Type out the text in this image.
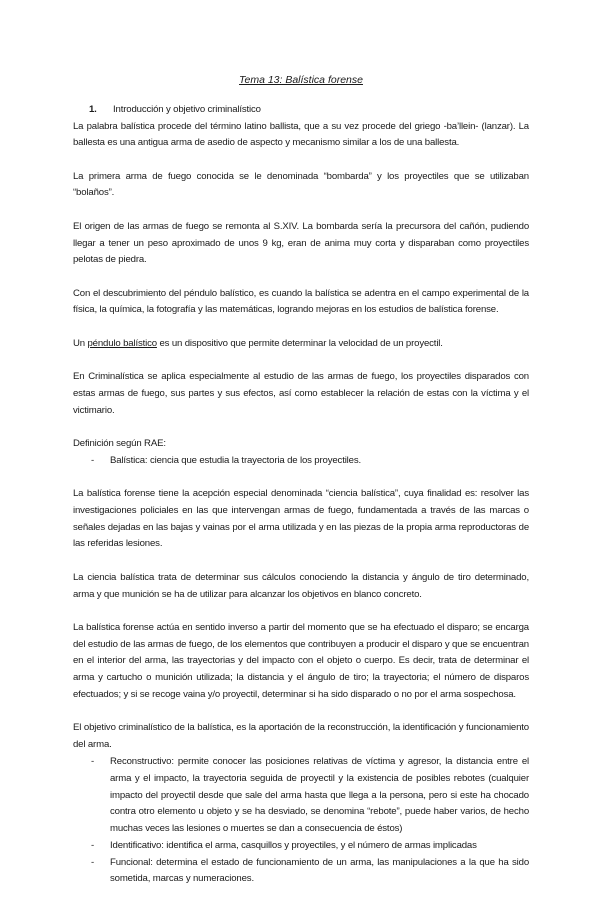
Tema 13: Balística forense
1.	Introducción y objetivo criminalístico

La palabra balística procede del término latino ballista, que a su vez procede del griego -ba’llein- (lanzar). La ballesta es una antigua arma de asedio de aspecto y mecanismo similar a los de una ballesta.

La primera arma de fuego conocida se le denominada “bombarda” y los proyectiles que se utilizaban “bolaños”.

El origen de las armas de fuego se remonta al S.XIV. La bombarda sería la precursora del cañón, pudiendo llegar a tener un peso aproximado de unos 9 kg, eran de anima muy corta y disparaban como proyectiles pelotas de piedra.

Con el descubrimiento del péndulo balístico, es cuando la balística se adentra en el campo experimental de la física, la química, la fotografía y las matemáticas, logrando mejoras en los estudios de balística forense.

Un péndulo balístico es un dispositivo que permite determinar la velocidad de un proyectil.

En Criminalística se aplica especialmente al estudio de las armas de fuego, los proyectiles disparados con estas armas de fuego, sus partes y sus efectos, así como establecer la relación de estas con la víctima y el victimario.

Definición según RAE:

- Balística: ciencia que estudia la trayectoria de los proyectiles.

La balística forense tiene la acepción especial denominada “ciencia balística”, cuya finalidad es: resolver las investigaciones policiales en las que intervengan armas de fuego, fundamentada a través de las marcas o señales dejadas en las bajas y vainas por el arma utilizada y en las piezas de la propia arma reproductoras de las referidas lesiones.

La ciencia balística trata de determinar sus cálculos conociendo la distancia y ángulo de tiro determinado, arma y que munición se ha de utilizar para alcanzar los objetivos en blanco concreto.

La balística forense actúa en sentido inverso a partir del momento que se ha efectuado el disparo; se encarga del estudio de las armas de fuego, de los elementos que contribuyen a producir el disparo y que se encuentran en el interior del arma, las trayectorias y del impacto con el objeto o cuerpo. Es decir, trata de determinar el arma y cartucho o munición utilizada; la distancia y el ángulo de tiro; la trayectoria; el número de disparos efectuados; y si se recoge vaina y/o proyectil, determinar si ha sido disparado o no por el arma sospechosa.

El objetivo criminalístico de la balística, es la aportación de la reconstrucción, la identificación y funcionamiento del arma.

- Reconstructivo: permite conocer las posiciones relativas de víctima y agresor, la distancia entre el arma y el impacto, la trayectoria seguida de proyectil y la existencia de posibles rebotes (cualquier impacto del proyectil desde que sale del arma hasta que llega a la persona, pero si este ha chocado contra otro elemento u objeto y se ha desviado, se denomina “rebote”, puede haber varios, de hecho muchas veces las lesiones o muertes se dan a consecuencia de éstos)
- Identificativo: identifica el arma, casquillos y proyectiles, y el número de armas implicadas
- Funcional: determina el estado de funcionamiento de un arma, las manipulaciones a la que ha sido sometida, marcas y numeraciones.
